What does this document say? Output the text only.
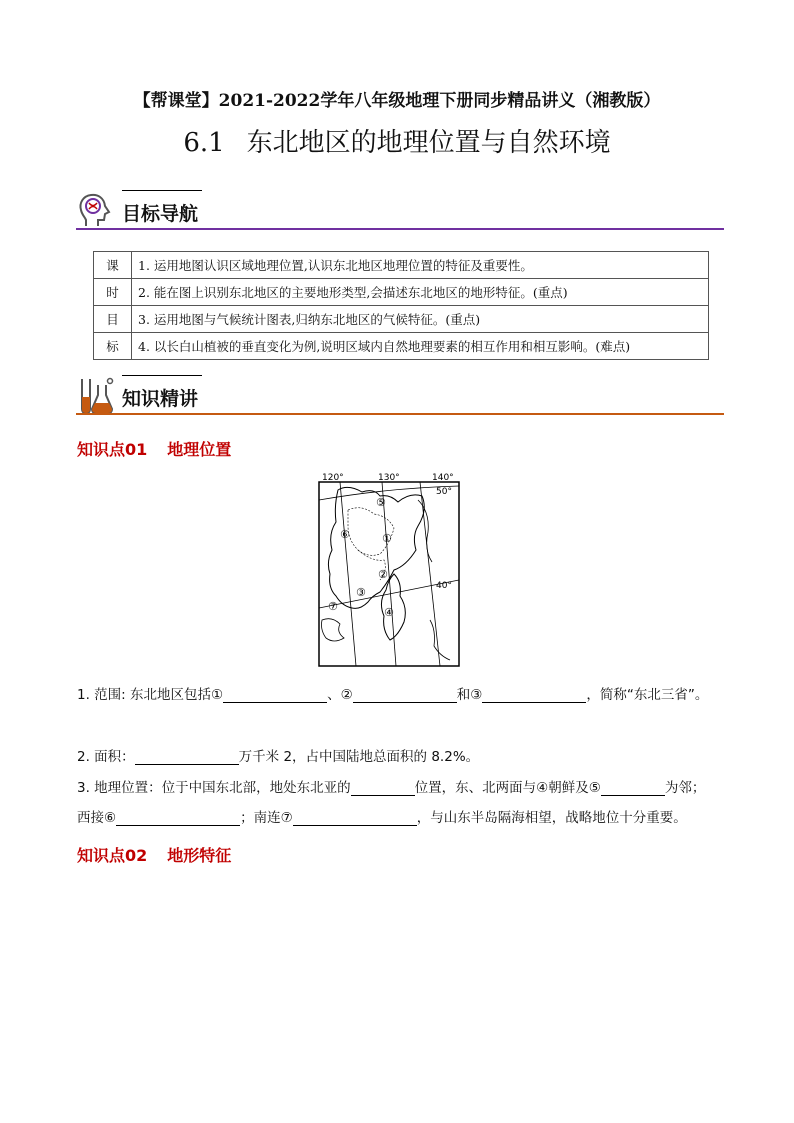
【帮课堂】2021-2022学年八年级地理下册同步精品讲义（湘教版）
6.1 东北地区的地理位置与自然环境
目标导航
课	1. 运用地图认识区域地理位置,认识东北地区地理位置的特征及重要性。
时	2. 能在图上识别东北地区的主要地形类型,会描述东北地区的地形特征。(重点)
目	3. 运用地图与气候统计图表,归纳东北地区的气候特征。(重点)
标	4. 以长白山植被的垂直变化为例,说明区域内自然地理要素的相互作用和相互影响。(难点)
知识精讲
知识点01 地理位置
120°	130°	140°
50°
40°
⑤
①
⑥
②
③
⑦	④
1. 范围: 东北地区包括①	、②	和③	，简称“东北三省”。
2. 面积：	万千米 2，占中国陆地总面积的 8.2%。
3. 地理位置：位于中国东北部，地处东北亚的	位置，东、北两面与④朝鲜及⑤	为邻；
西接⑥	；南连⑦	，与山东半岛隔海相望，战略地位十分重要。
知识点02 地形特征
